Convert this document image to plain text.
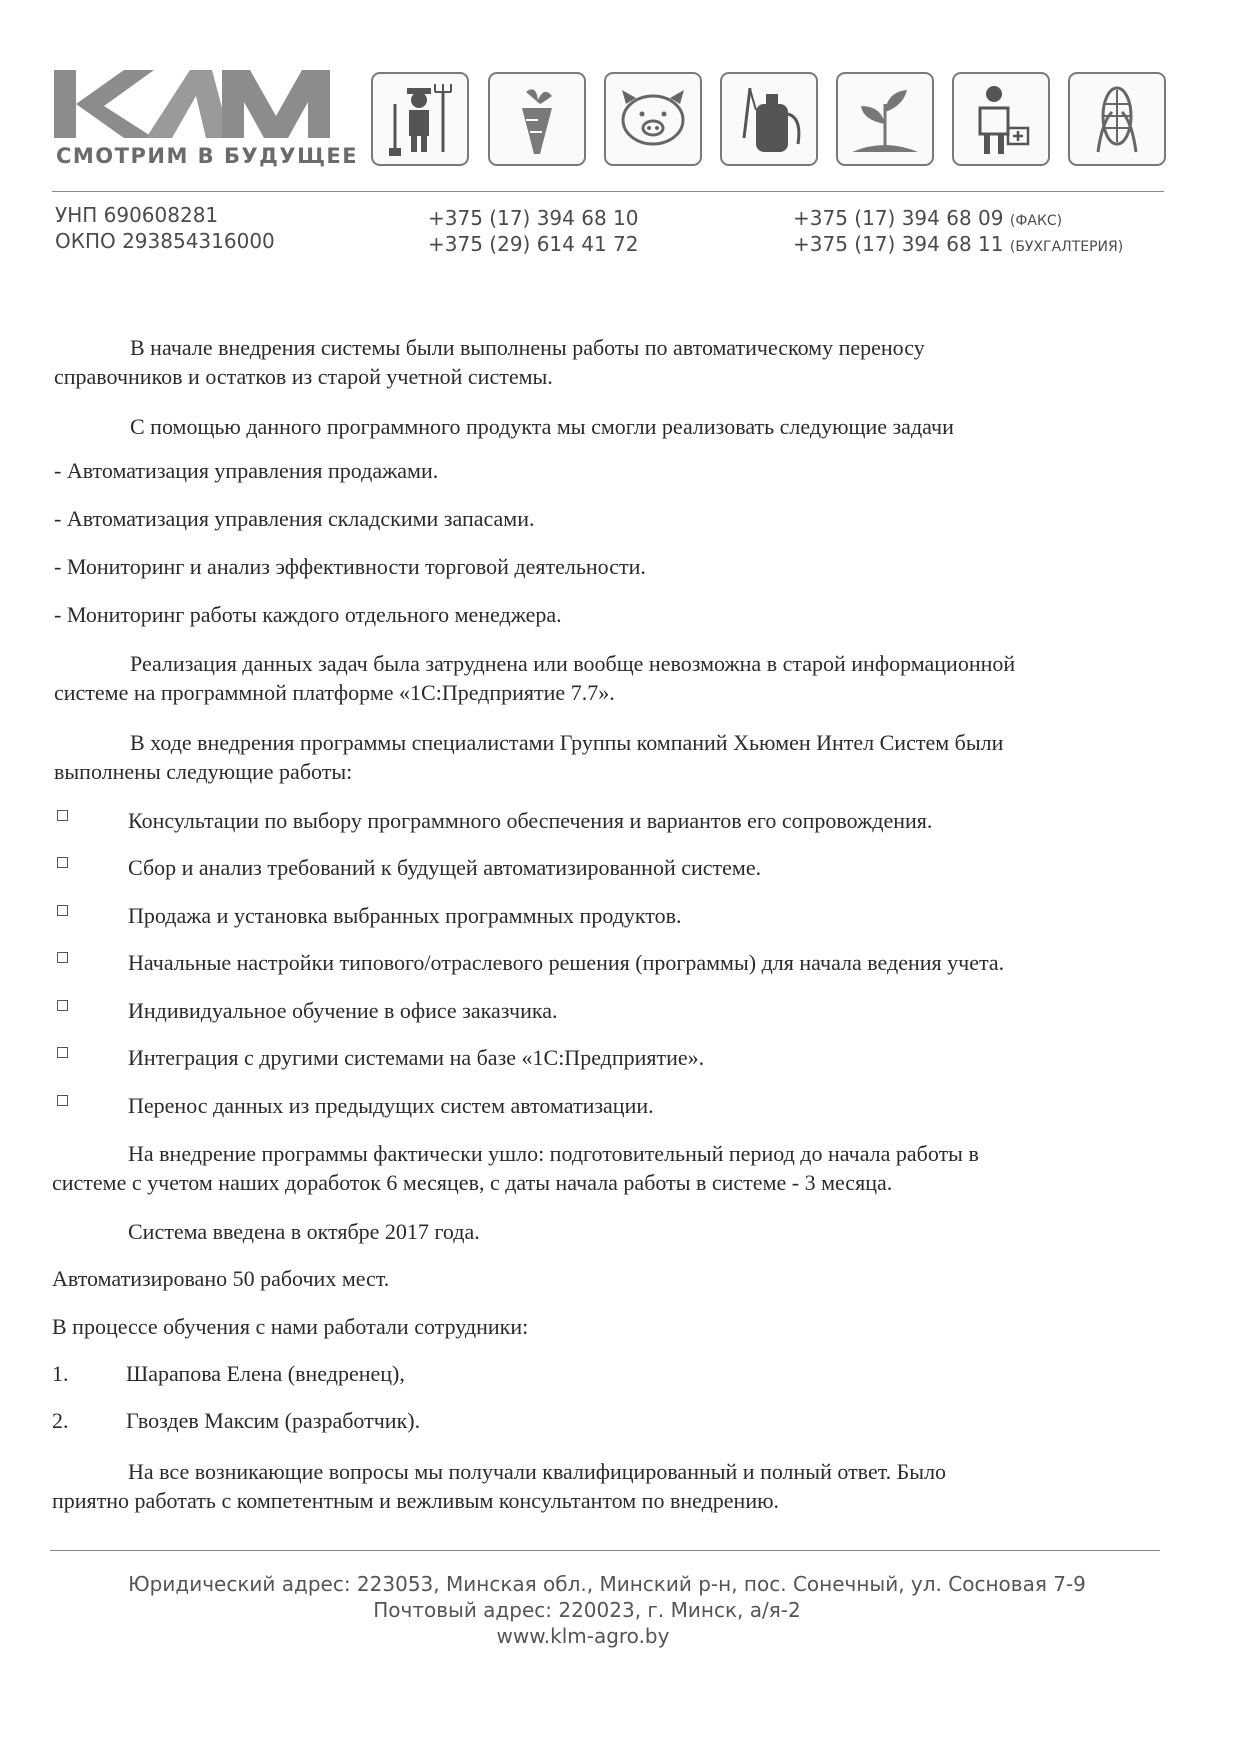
СМОТРИМ В БУДУЩЕЕ
УНП 690608281
ОКПО 293854316000
+375 (17) 394 68 10
+375 (29) 614 41 72
+375 (17) 394 68 09 (ФАКС)
+375 (17) 394 68 11 (БУХГАЛТЕРИЯ)
В начале внедрения системы были выполнены работы по автоматическому переносу
справочников и остатков из старой учетной системы.
С помощью данного программного продукта мы смогли реализовать следующие задачи
- Автоматизация управления продажами.
- Автоматизация управления складскими запасами.
- Мониторинг и анализ эффективности торговой деятельности.
- Мониторинг работы каждого отдельного менеджера.
Реализация данных задач была затруднена или вообще невозможна в старой информационной
системе на программной платформе «1С:Предприятие 7.7».
В ходе внедрения программы специалистами Группы компаний Хьюмен Интел Систем были
выполнены следующие работы:
Консультации по выбору программного обеспечения и вариантов его сопровождения.
Сбор и анализ требований к будущей автоматизированной системе.
Продажа и установка выбранных программных продуктов.
Начальные настройки типового/отраслевого решения (программы) для начала ведения учета.
Индивидуальное обучение в офисе заказчика.
Интеграция с другими системами на базе «1С:Предприятие».
Перенос данных из предыдущих систем автоматизации.
На внедрение программы фактически ушло: подготовительный период до начала работы в
системе с учетом наших доработок 6 месяцев, с даты начала работы в системе - 3 месяца.
Система введена в октябре 2017 года.
Автоматизировано 50 рабочих мест.
В процессе обучения с нами работали сотрудники:
1.	Шарапова Елена (внедренец),
2.	Гвоздев Максим (разработчик).
На все возникающие вопросы мы получали квалифицированный и полный ответ. Было
приятно работать с компетентным и вежливым консультантом по внедрению.
Юридический адрес: 223053, Минская обл., Минский р-н, пос. Сонечный, ул. Сосновая 7-9
Почтовый адрес: 220023, г. Минск, а/я-2
www.klm-agro.by
